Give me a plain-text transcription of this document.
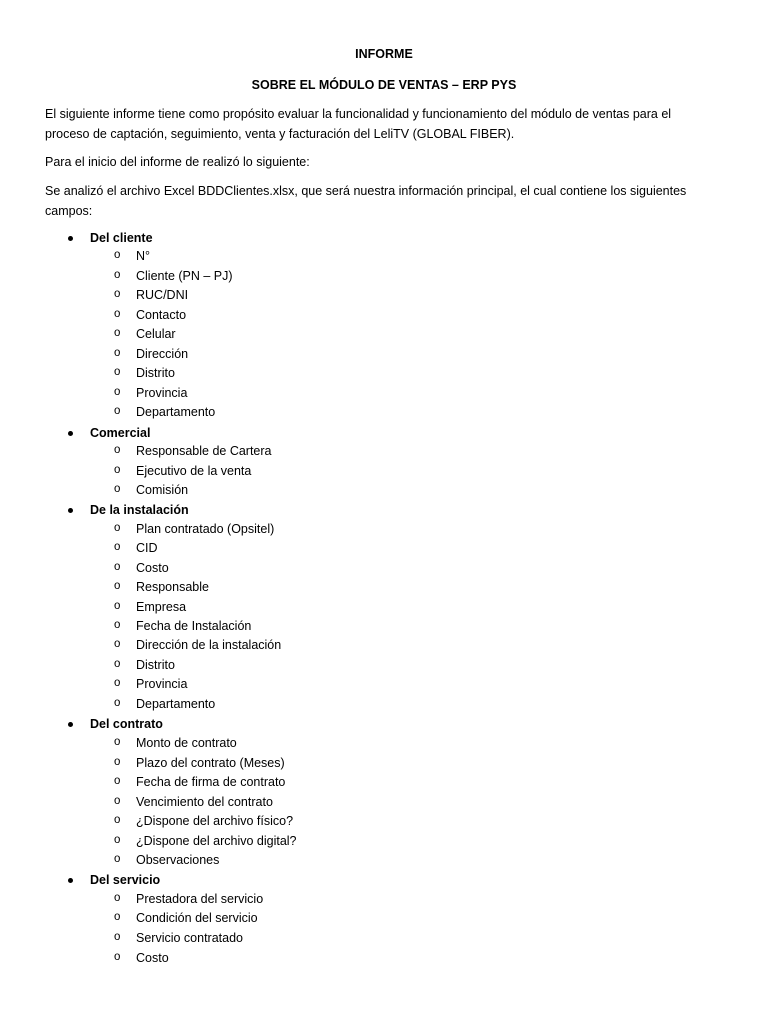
INFORME
SOBRE EL MÓDULO DE VENTAS – ERP PYS
El siguiente informe tiene como propósito evaluar la funcionalidad y funcionamiento del módulo de ventas para el proceso de captación, seguimiento, venta y facturación del LeliTV (GLOBAL FIBER).
Para el inicio del informe de realizó lo siguiente:
Se analizó el archivo Excel BDDClientes.xlsx, que será nuestra información principal, el cual contiene los siguientes campos:
Del cliente
o N°
o Cliente (PN – PJ)
o RUC/DNI
o Contacto
o Celular
o Dirección
o Distrito
o Provincia
o Departamento
Comercial
o Responsable de Cartera
o Ejecutivo de la venta
o Comisión
De la instalación
o Plan contratado (Opsitel)
o CID
o Costo
o Responsable
o Empresa
o Fecha de Instalación
o Dirección de la instalación
o Distrito
o Provincia
o Departamento
Del contrato
o Monto de contrato
o Plazo del contrato (Meses)
o Fecha de firma de contrato
o Vencimiento del contrato
o ¿Dispone del archivo físico?
o ¿Dispone del archivo digital?
o Observaciones
Del servicio
o Prestadora del servicio
o Condición del servicio
o Servicio contratado
o Costo
